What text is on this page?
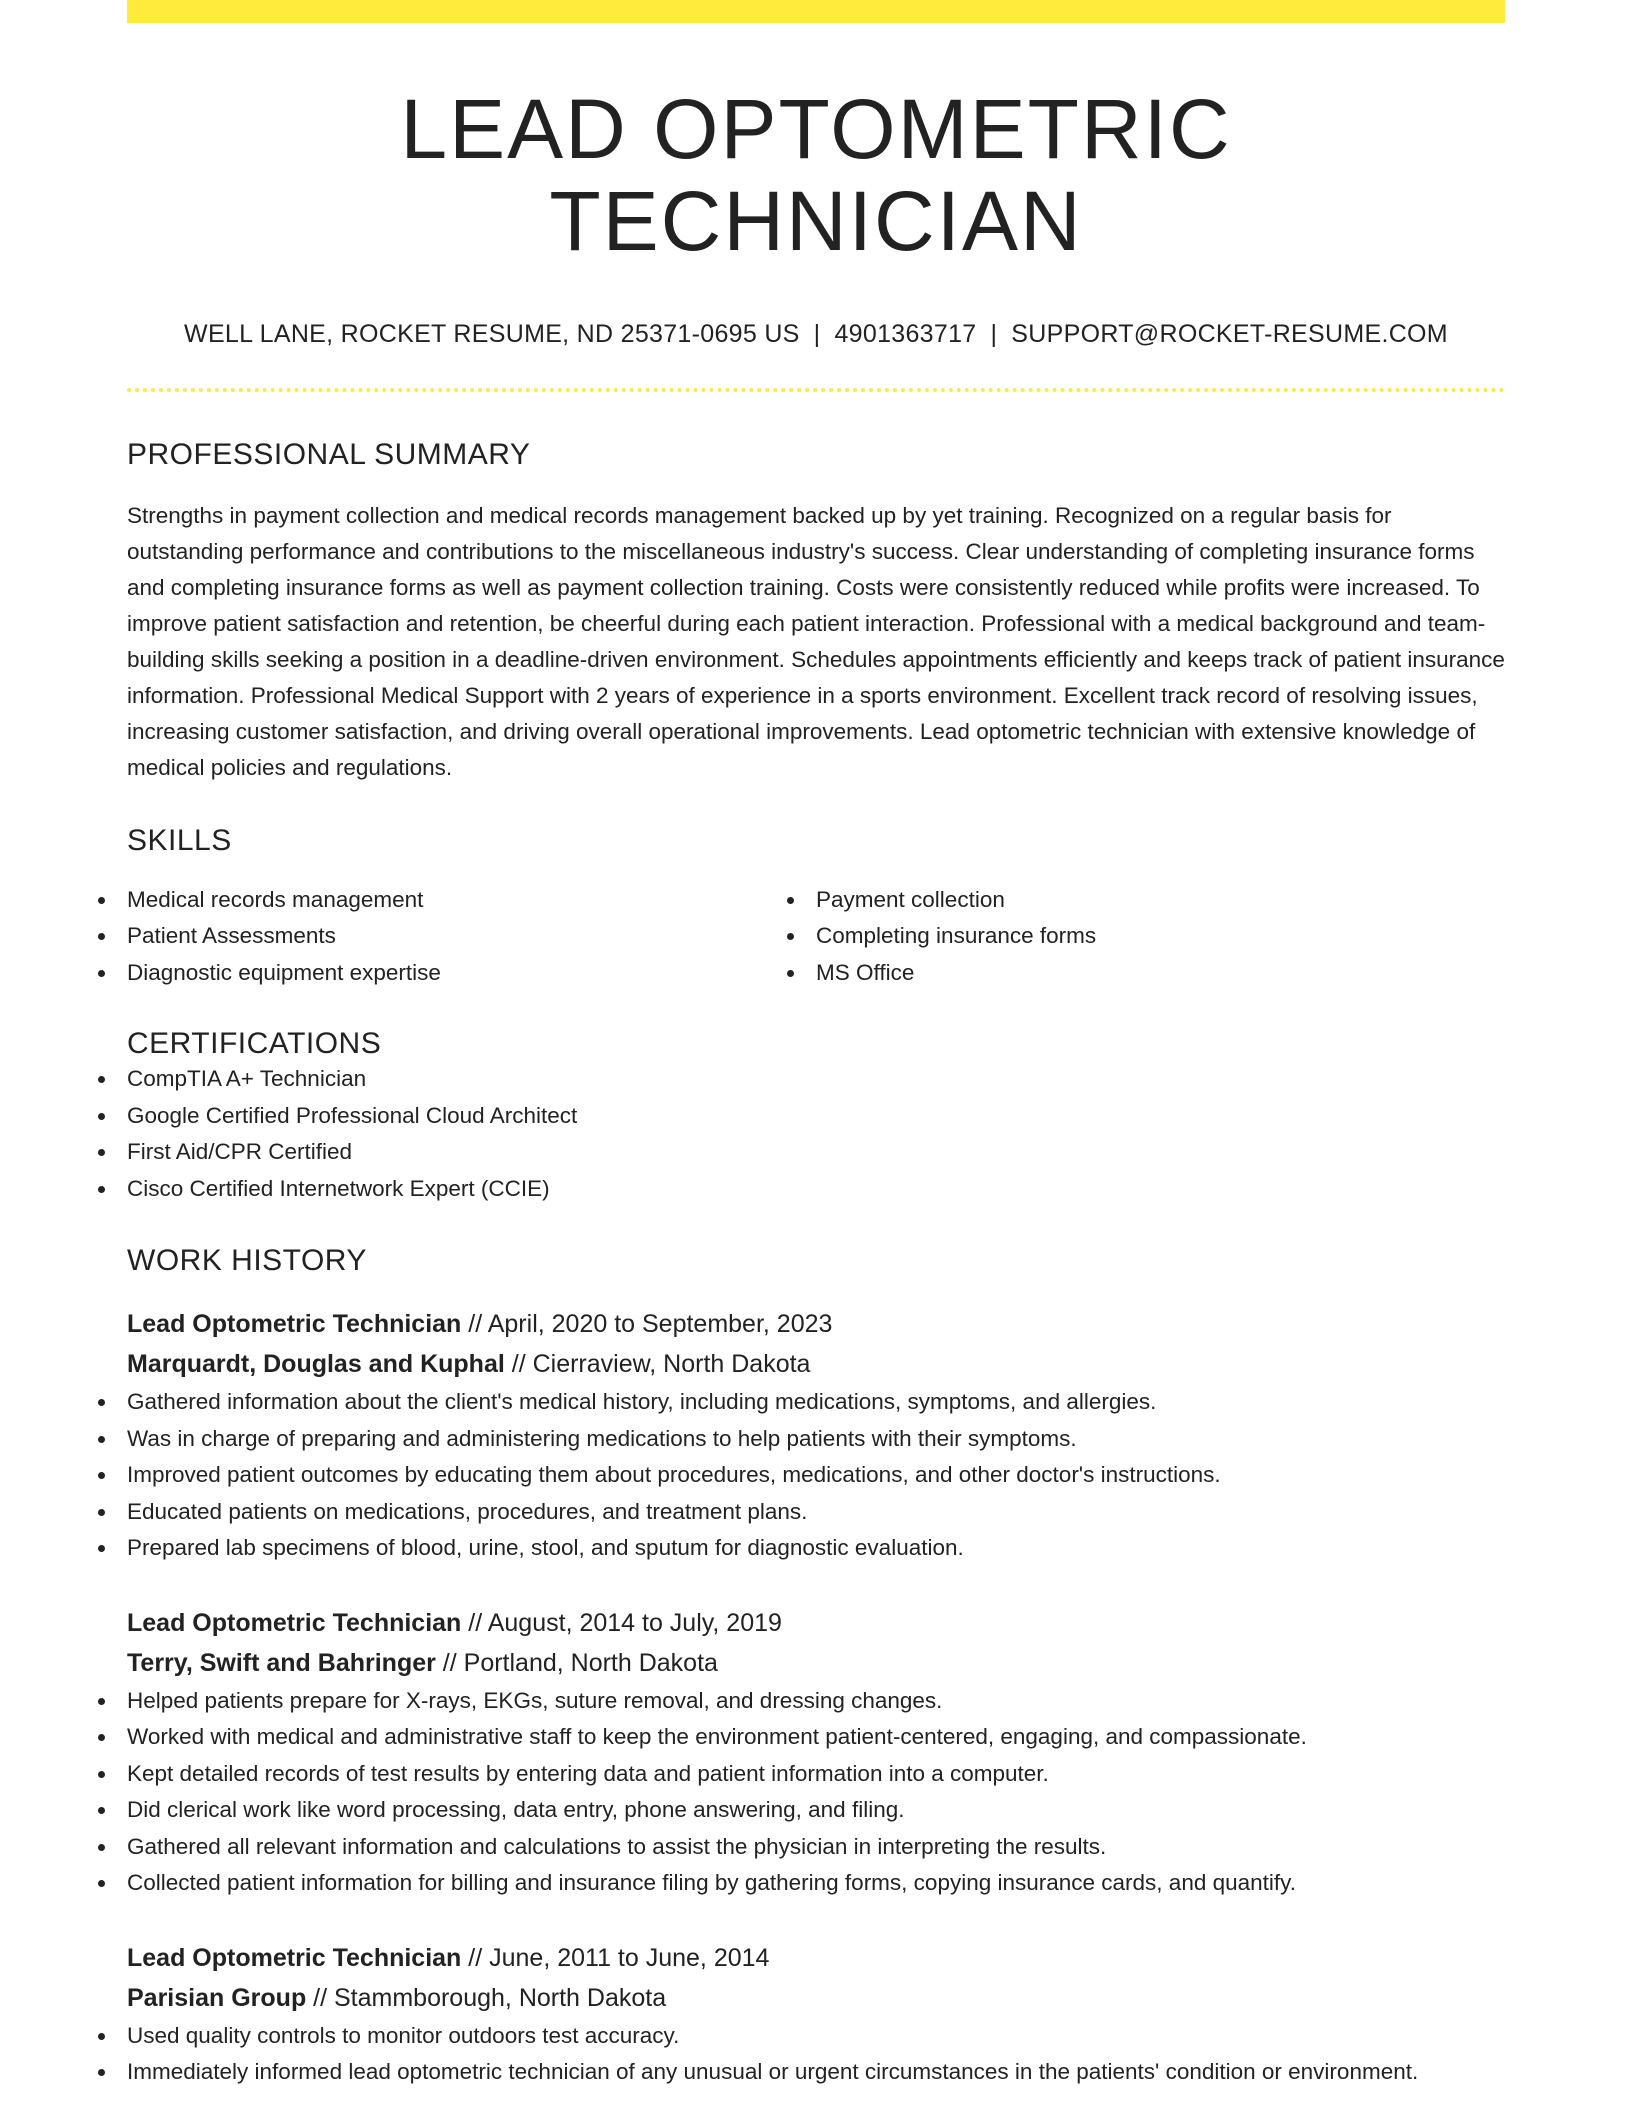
LEAD OPTOMETRIC TECHNICIAN
WELL LANE, ROCKET RESUME, ND 25371-0695 US | 4901363717 | SUPPORT@ROCKET-RESUME.COM
PROFESSIONAL SUMMARY
Strengths in payment collection and medical records management backed up by yet training. Recognized on a regular basis for outstanding performance and contributions to the miscellaneous industry's success. Clear understanding of completing insurance forms and completing insurance forms as well as payment collection training. Costs were consistently reduced while profits were increased. To improve patient satisfaction and retention, be cheerful during each patient interaction. Professional with a medical background and team-building skills seeking a position in a deadline-driven environment. Schedules appointments efficiently and keeps track of patient insurance information. Professional Medical Support with 2 years of experience in a sports environment. Excellent track record of resolving issues, increasing customer satisfaction, and driving overall operational improvements. Lead optometric technician with extensive knowledge of medical policies and regulations.
SKILLS
Medical records management
Patient Assessments
Diagnostic equipment expertise
Payment collection
Completing insurance forms
MS Office
CERTIFICATIONS
CompTIA A+ Technician
Google Certified Professional Cloud Architect
First Aid/CPR Certified
Cisco Certified Internetwork Expert (CCIE)
WORK HISTORY
Lead Optometric Technician // April, 2020 to September, 2023
Marquardt, Douglas and Kuphal // Cierraview, North Dakota
Gathered information about the client's medical history, including medications, symptoms, and allergies.
Was in charge of preparing and administering medications to help patients with their symptoms.
Improved patient outcomes by educating them about procedures, medications, and other doctor's instructions.
Educated patients on medications, procedures, and treatment plans.
Prepared lab specimens of blood, urine, stool, and sputum for diagnostic evaluation.
Lead Optometric Technician // August, 2014 to July, 2019
Terry, Swift and Bahringer // Portland, North Dakota
Helped patients prepare for X-rays, EKGs, suture removal, and dressing changes.
Worked with medical and administrative staff to keep the environment patient-centered, engaging, and compassionate.
Kept detailed records of test results by entering data and patient information into a computer.
Did clerical work like word processing, data entry, phone answering, and filing.
Gathered all relevant information and calculations to assist the physician in interpreting the results.
Collected patient information for billing and insurance filing by gathering forms, copying insurance cards, and quantify.
Lead Optometric Technician // June, 2011 to June, 2014
Parisian Group // Stammborough, North Dakota
Used quality controls to monitor outdoors test accuracy.
Immediately informed lead optometric technician of any unusual or urgent circumstances in the patients' condition or environment.
